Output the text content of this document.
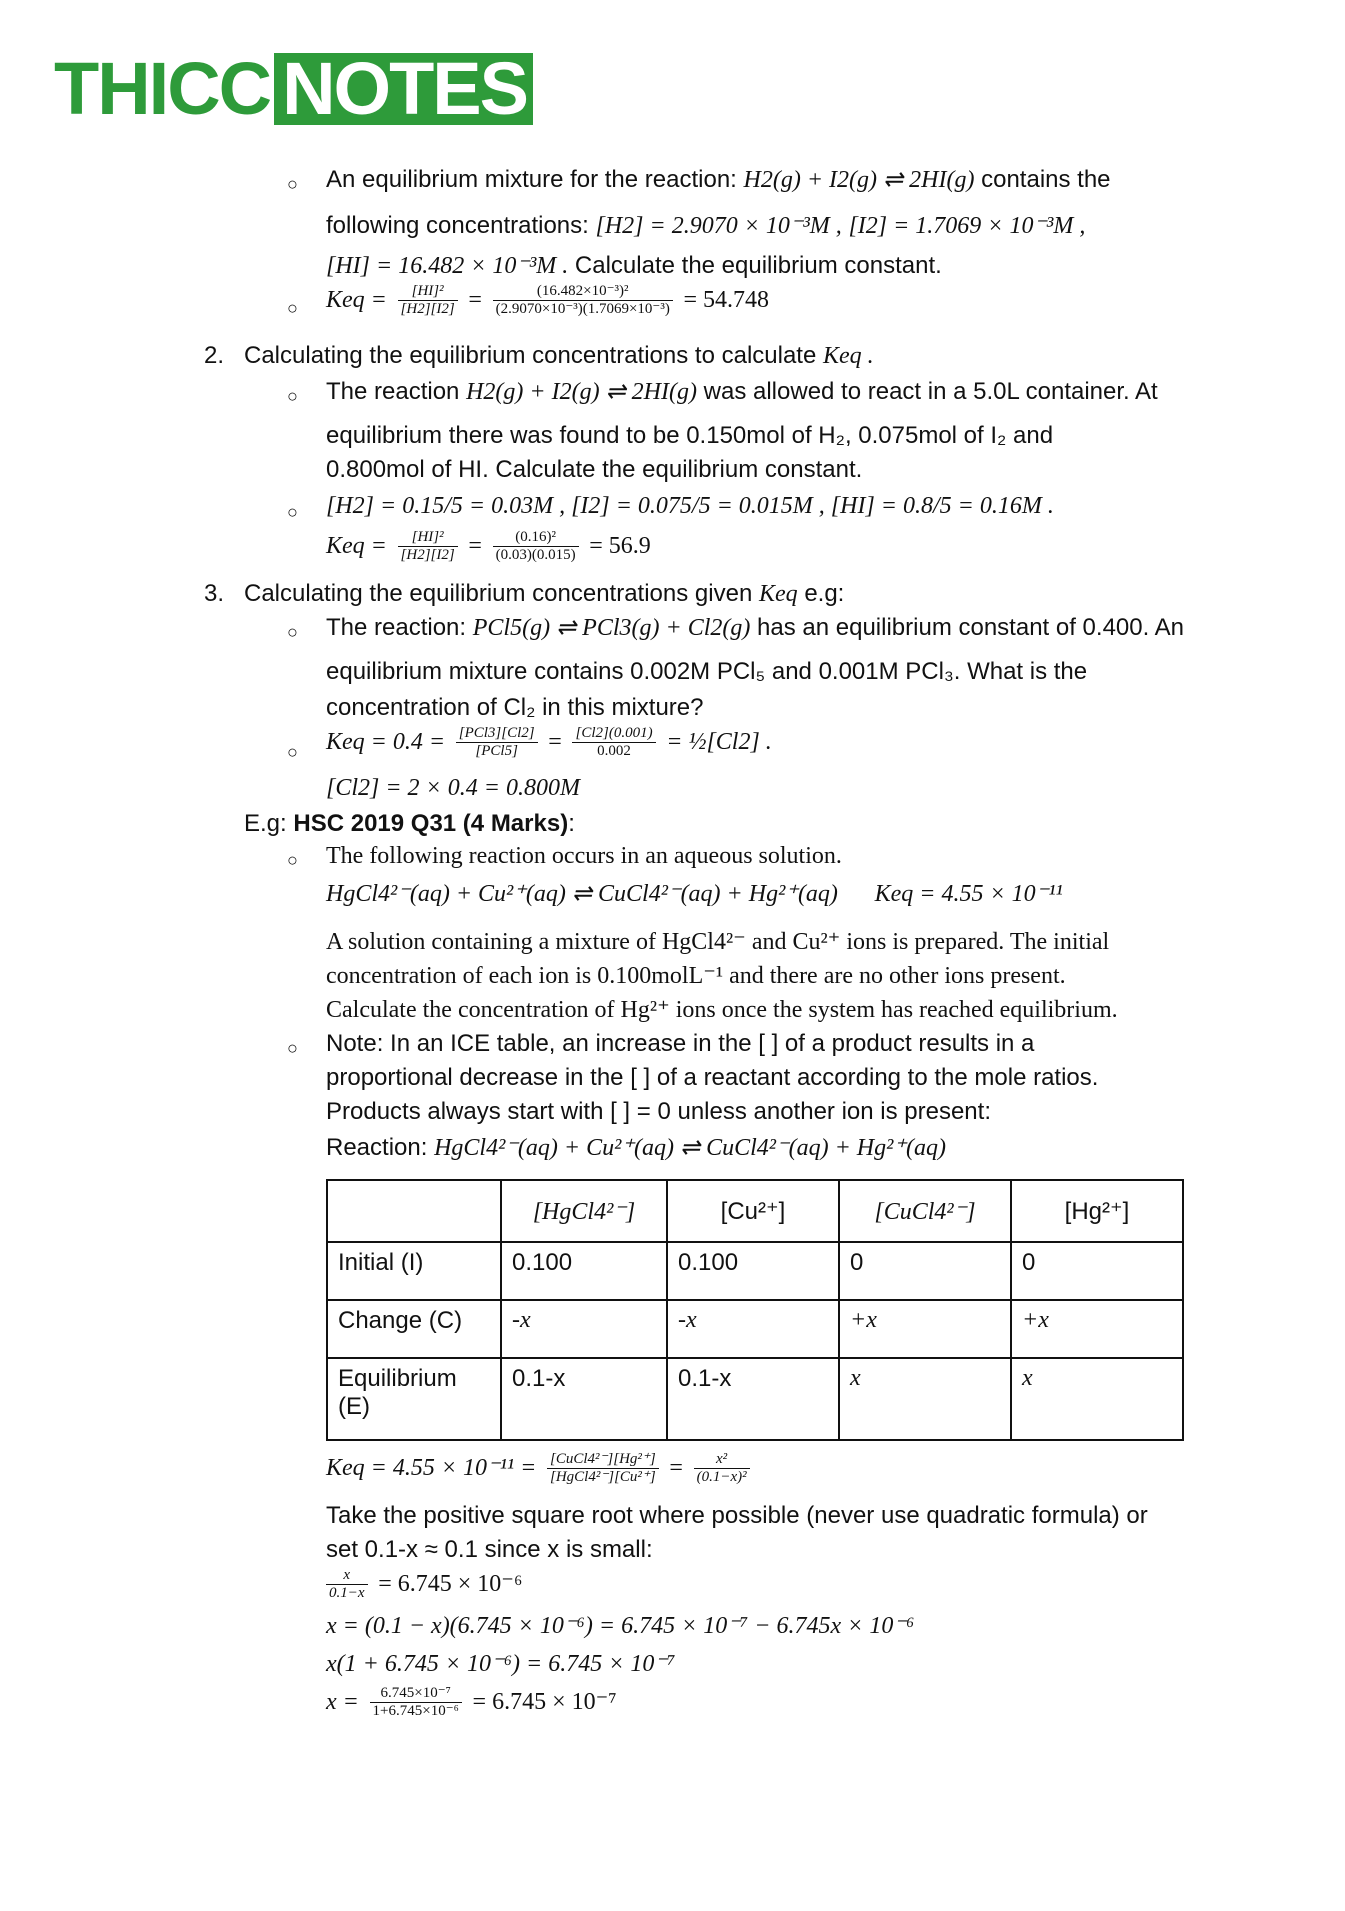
THICC NOTES
○ An equilibrium mixture for the reaction: H2(g) + I2(g) ⇌ 2HI(g) contains the
following concentrations: [H2] = 2.9070 × 10⁻³M , [I2] = 1.7069 × 10⁻³M ,
[HI] = 16.482 × 10⁻³M . Calculate the equilibrium constant.
○ Keq = $\frac{\text{[HI]²}}{[H2][I2]} = \frac{\text{(16.482×10⁻³)²}}{\text{(2.9070×10⁻³)(1.7069×10⁻³)}} = 54.748$
2. Calculating the equilibrium concentrations to calculate Keq .
○ The reaction H2(g) + I2(g) ⇌ 2HI(g) was allowed to react in a 5.0L container. At
equilibrium there was found to be 0.150mol of H₂, 0.075mol of I₂ and
0.800mol of HI. Calculate the equilibrium constant.
○ [H2] = 0.15/5 = 0.03M , [I2] = 0.075/5 = 0.015M , [HI] = 0.8/5 = 0.16M .
Keq = $\frac{\text{[HI]²}}{[H2][I2]} = \frac{\text{(0.16)²}}{(0.03)(0.015)} = 56.9$
3. Calculating the equilibrium concentrations given Keq e.g:
○ The reaction: PCl5(g) ⇌ PCl3(g) + Cl2(g) has an equilibrium constant of 0.400. An
equilibrium mixture contains 0.002M PCl₅ and 0.001M PCl₃. What is the
concentration of Cl₂ in this mixture?
○ Keq = $0.4 = \frac{\text{[PCl3][Cl2]}}{\text{[PCl5]}} = \frac{[Cl2](0.001)}{0.002}$ = ½[Cl2] .
[Cl2] = 2 × 0.4 = 0.800M
E.g: HSC 2019 Q31 (4 Marks):
○ The following reaction occurs in an aqueous solution.
HgCl4²⁻(aq) + Cu²⁺(aq) ⇌ CuCl4²⁻(aq) + Hg²⁺(aq) Keq = 4.55 × 10⁻¹¹
A solution containing a mixture of HgCl4²⁻ and Cu²⁺ ions is prepared. The initial
concentration of each ion is 0.100molL⁻¹ and there are no other ions present.
Calculate the concentration of Hg²⁺ ions once the system has reached equilibrium.
○ Note: In an ICE table, an increase in the [ ] of a product results in a
proportional decrease in the [ ] of a reactant according to the mole ratios.
Products always start with [ ] = 0 unless another ion is present:
Reaction: HgCl4²⁻(aq) + Cu²⁺(aq) ⇌ CuCl4²⁻(aq) + Hg²⁺(aq)
	[HgCl4²⁻]	[Cu²⁺]	[CuCl4²⁻]	[Hg²⁺]
Initial (I)	0.100	0.100	0	0
Change (C)	-x	-x	+x	+x
Equilibrium (E)	0.1-x	0.1-x	x	x
Keq = $4.55 \times 10^{-11} = \frac{\text{[CuCl4²⁻][Hg²⁺]}}{\text{[HgCl4²⁻][Cu²⁺]}} = \frac{\text{x²}}{\text{(0.1−x)²}}$
Take the positive square root where possible (never use quadratic formula) or
set 0.1-x ≈ 0.1 since x is small:
$\frac{x}{0.1-x} = 6.745 \times 10^{-6}$
x = (0.1 − x)(6.745 × 10⁻⁶) = 6.745 × 10⁻⁷ − 6.745x × 10⁻⁶
x(1 + 6.745 × 10⁻⁶) = 6.745 × 10⁻⁷
$x = \frac{\text{6.745×10⁻⁷}}{\text{1+6.745×10⁻⁶}} = 6.745 \times 10^{-7}$
